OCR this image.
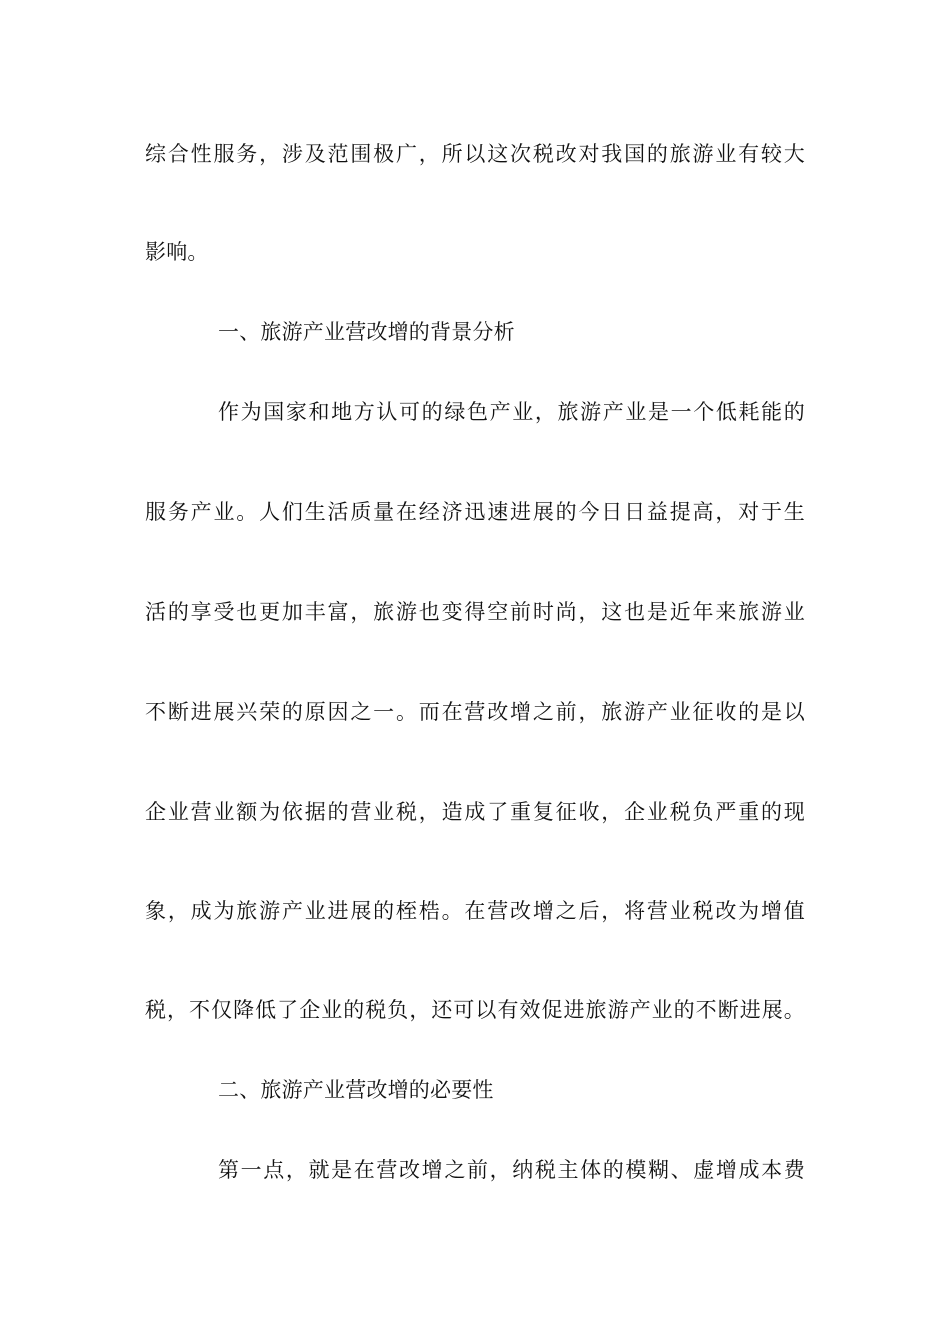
综合性服务，涉及范围极广，所以这次税改对我国的旅游业有较大
影响。
一、旅游产业营改增的背景分析
作为国家和地方认可的绿色产业，旅游产业是一个低耗能的
服务产业。人们生活质量在经济迅速进展的今日日益提高，对于生
活的享受也更加丰富，旅游也变得空前时尚，这也是近年来旅游业
不断进展兴荣的原因之一。而在营改增之前，旅游产业征收的是以
企业营业额为依据的营业税，造成了重复征收，企业税负严重的现
象，成为旅游产业进展的桎梏。在营改增之后，将营业税改为增值
税，不仅降低了企业的税负，还可以有效促进旅游产业的不断进展。
二、旅游产业营改增的必要性
第一点，就是在营改增之前，纳税主体的模糊、虚增成本费
